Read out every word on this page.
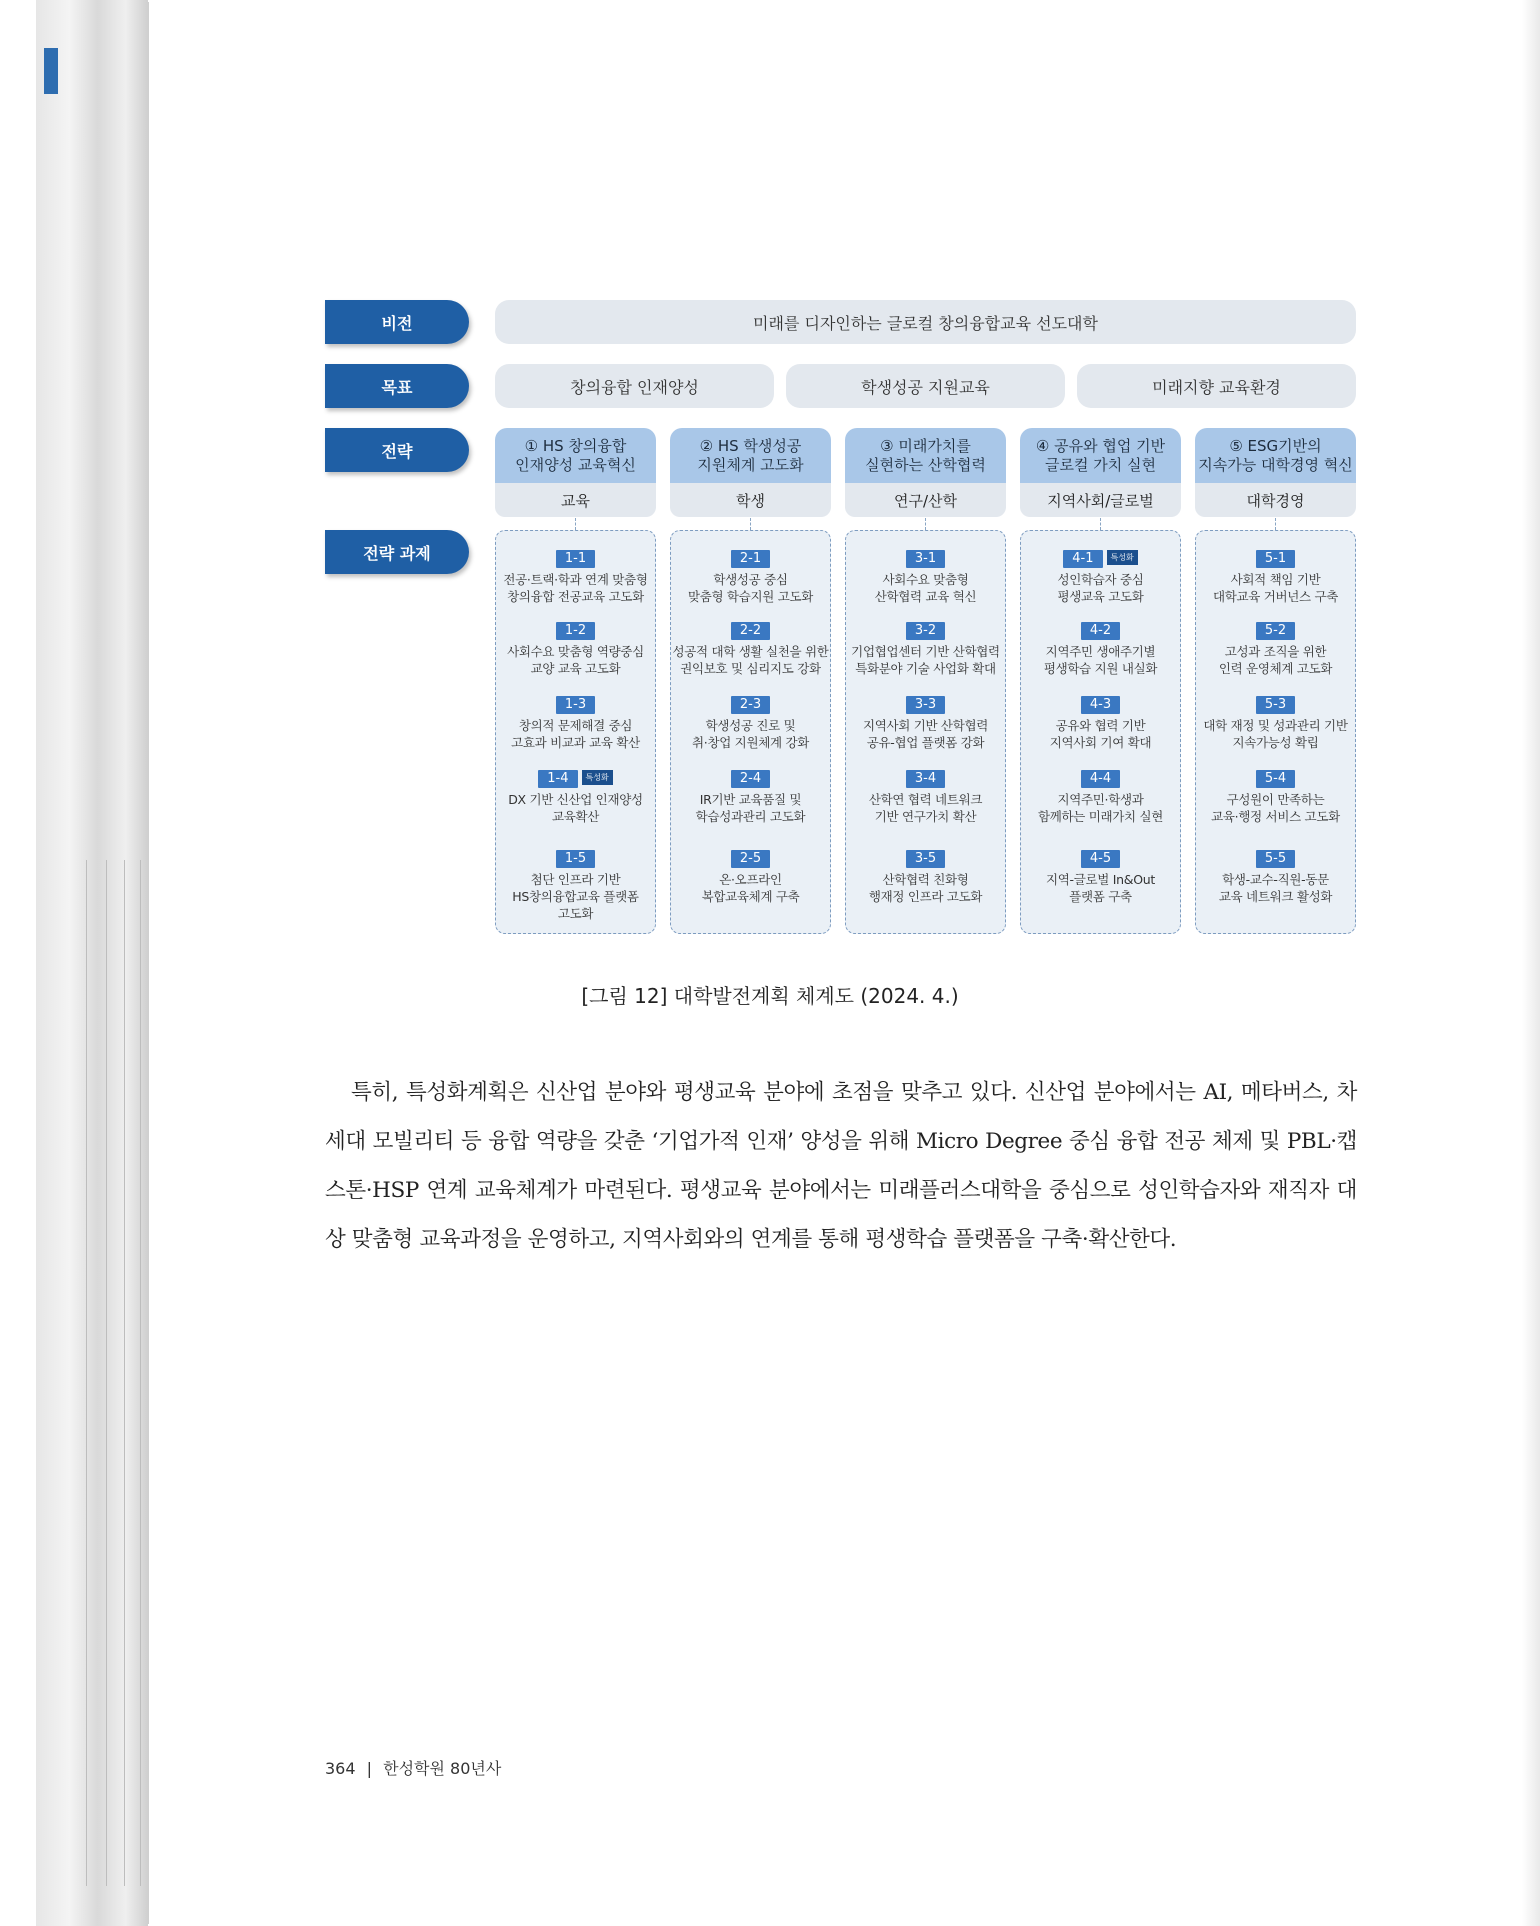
비전
목표
전략
전략 과제
미래를 디자인하는 글로컬 창의융합교육 선도대학
창의융합 인재양성	학생성공 지원교육	미래지향 교육환경
① HS 창의융합
인재양성 교육혁신
교육
② HS 학생성공
지원체계 고도화
학생
③ 미래가치를
실현하는 산학협력
연구/산학
④ 공유와 협업 기반
글로컬 가치 실현
지역사회/글로벌
⑤ ESG기반의
지속가능 대학경영 혁신
대학경영
1-1
전공·트랙·학과 연계 맞춤형
창의융합 전공교육 고도화
1-2
사회수요 맞춤형 역량중심
교양 교육 고도화
1-3
창의적 문제해결 중심
고효과 비교과 교육 확산
1-4 특성화
DX 기반 신산업 인재양성
교육확산
1-5
첨단 인프라 기반
HS창의융합교육 플랫폼
고도화
2-1
학생성공 중심
맞춤형 학습지원 고도화
2-2
성공적 대학 생활 실천을 위한
권익보호 및 심리지도 강화
2-3
학생성공 진로 및
취·창업 지원체계 강화
2-4
IR기반 교육품질 및
학습성과관리 고도화
2-5
온·오프라인
복합교육체계 구축
3-1
사회수요 맞춤형
산학협력 교육 혁신
3-2
기업협업센터 기반 산학협력
특화분야 기술 사업화 확대
3-3
지역사회 기반 산학협력
공유-협업 플랫폼 강화
3-4
산학연 협력 네트워크
기반 연구가치 확산
3-5
산학협력 친화형
행재정 인프라 고도화
4-1 특성화
성인학습자 중심
평생교육 고도화
4-2
지역주민 생애주기별
평생학습 지원 내실화
4-3
공유와 협력 기반
지역사회 기여 확대
4-4
지역주민·학생과
함께하는 미래가치 실현
4-5
지역-글로벌 In&Out
플랫폼 구축
5-1
사회적 책임 기반
대학교육 거버넌스 구축
5-2
고성과 조직을 위한
인력 운영체계 고도화
5-3
대학 재정 및 성과관리 기반
지속가능성 확립
5-4
구성원이 만족하는
교육·행정 서비스 고도화
5-5
학생-교수-직원-동문
교육 네트워크 활성화
[그림 12] 대학발전계획 체계도 (2024. 4.)
특히, 특성화계획은 신산업 분야와 평생교육 분야에 초점을 맞추고 있다. 신산업 분야에서는 AI, 메타버스, 차세대 모빌리티 등 융합 역량을 갖춘 ‘기업가적 인재’ 양성을 위해 Micro Degree 중심 융합 전공 체제 및 PBL·캡스톤·HSP 연계 교육체계가 마련된다. 평생교육 분야에서는 미래플러스대학을 중심으로 성인학습자와 재직자 대상 맞춤형 교육과정을 운영하고, 지역사회와의 연계를 통해 평생학습 플랫폼을 구축·확산한다.
364 | 한성학원 80년사
